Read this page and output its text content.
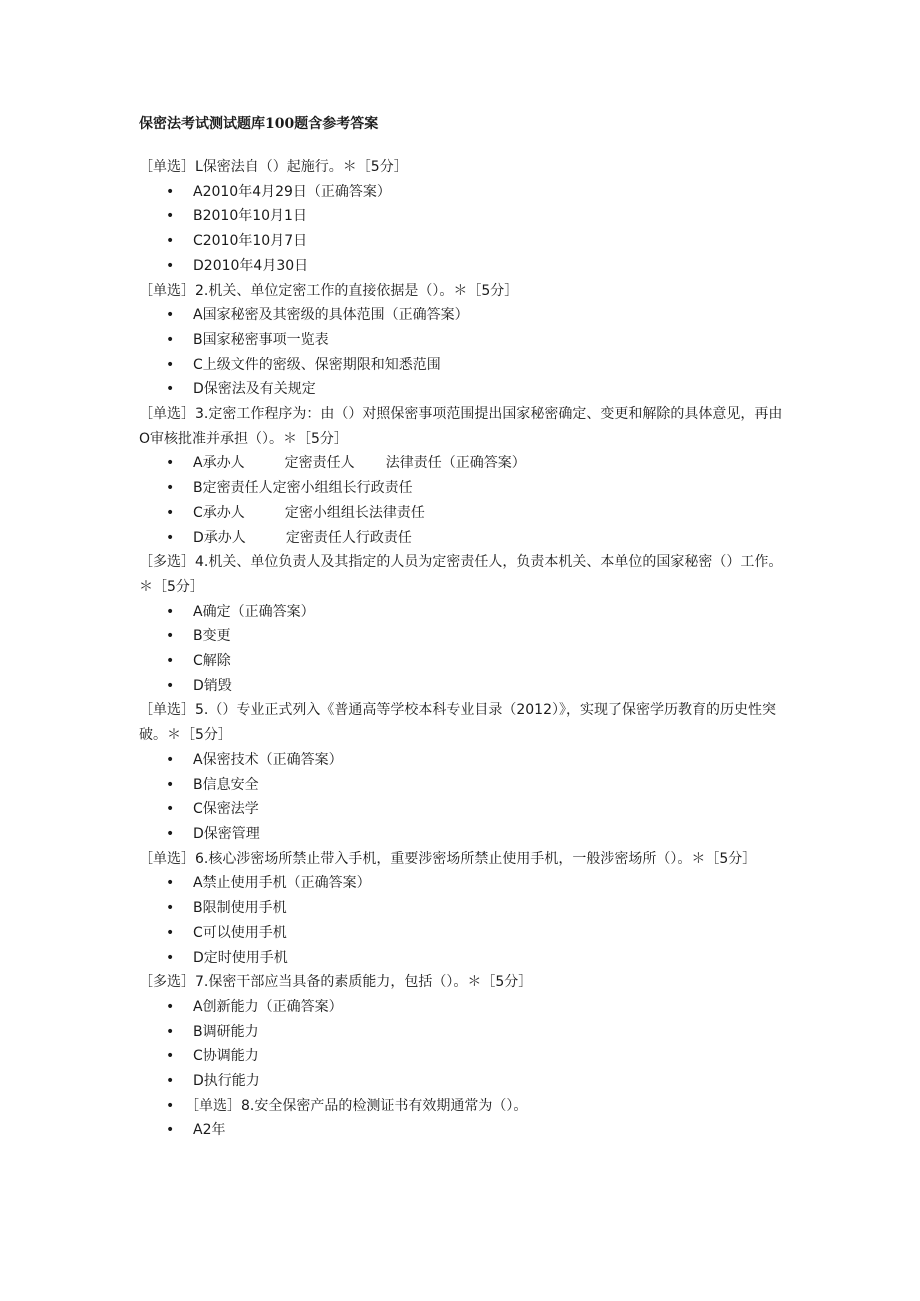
保密法考试测试题库100题含参考答案

［单选］L保密法自（）起施行。＊［5分］

• A2010年4月29日（正确答案）
• B2010年10月1日
• C2010年10月7日
• D2010年4月30日

［单选］2.机关、单位定密工作的直接依据是（）。＊［5分］

• A国家秘密及其密级的具体范围（正确答案）
• B国家秘密事项一览表
• C上级文件的密级、保密期限和知悉范围
• D保密法及有关规定

［单选］3.定密工作程序为：由（）对照保密事项范围提出国家秘密确定、变更和解除的具体意见，再由O审核批准并承担（）。＊［5分］

• A承办人         定密责任人       法律责任（正确答案）
• B定密责任人定密小组组长行政责任
• C承办人         定密小组组长法律责任
• D承办人         定密责任人行政责任

［多选］4.机关、单位负责人及其指定的人员为定密责任人，负责本机关、本单位的国家秘密（）工作。＊［5分］

• A确定（正确答案）
• B变更
• C解除
• D销毁

［单选］5.（）专业正式列入《普通高等学校本科专业目录（2012）》，实现了保密学历教育的历史性突破。＊［5分］

• A保密技术（正确答案）
• B信息安全
• C保密法学
• D保密管理

［单选］6.核心涉密场所禁止带入手机，重要涉密场所禁止使用手机，一般涉密场所（）。＊［5分］

• A禁止使用手机（正确答案）
• B限制使用手机
• C可以使用手机
• D定时使用手机

［多选］7.保密干部应当具备的素质能力，包括（）。＊［5分］

• A创新能力（正确答案）
• B调研能力
• C协调能力
• D执行能力
• ［单选］8.安全保密产品的检测证书有效期通常为（）。
• A2年
